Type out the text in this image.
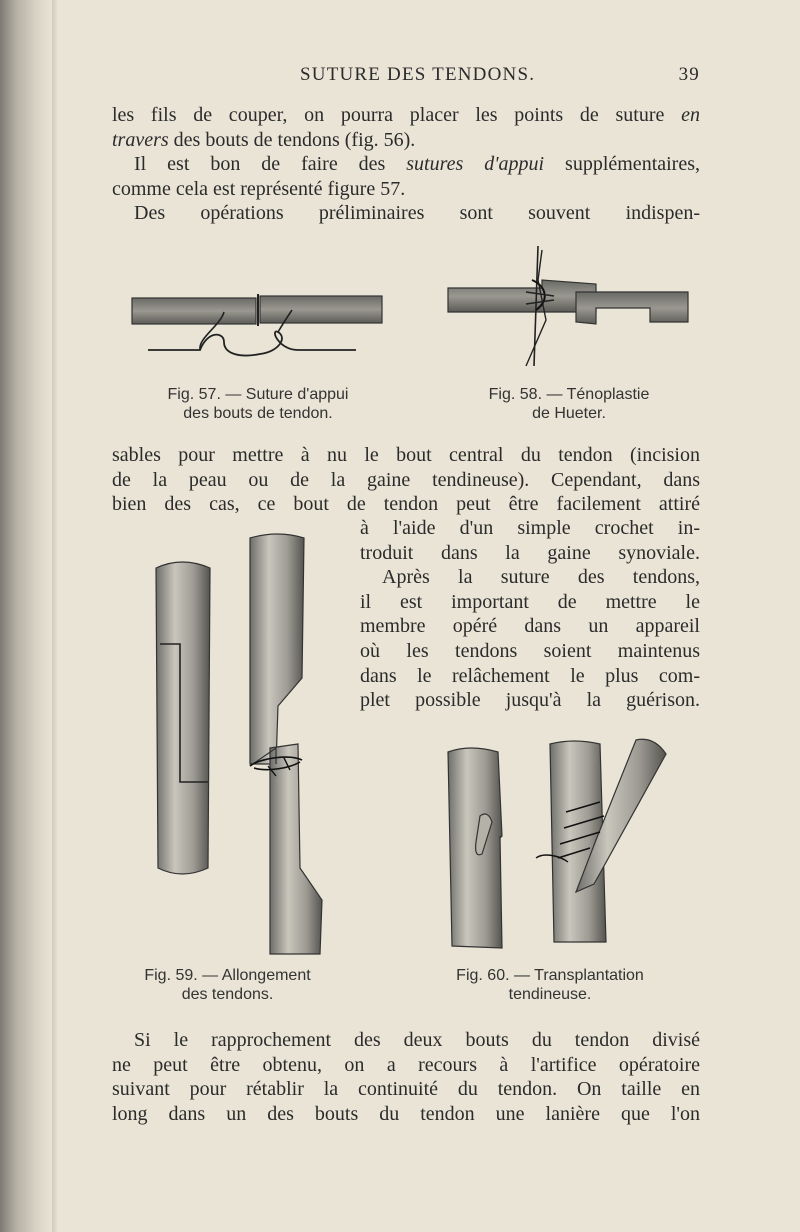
SUTURE DES TENDONS.	39
les fils de couper, on pourra placer les points de suture en
travers des bouts de tendons (fig. 56).
Il est bon de faire des sutures d'appui supplémentaires,
comme cela est représenté figure 57.
Des opérations préliminaires sont souvent indispen-
Fig. 57. — Suture d'appui
des bouts de tendon.
Fig. 58. — Ténoplastie
de Hueter.
sables pour mettre à nu le bout central du tendon (incision
de la peau ou de la gaine tendineuse). Cependant, dans
bien des cas, ce bout de tendon peut être facilement attiré
à l'aide d'un simple crochet in-
troduit dans la gaine synoviale.
Après la suture des tendons,
il est important de mettre le
membre opéré dans un appareil
où les tendons soient maintenus
dans le relâchement le plus com-
plet possible jusqu'à la guérison.
Fig. 59. — Allongement
des tendons.
Fig. 60. — Transplantation
tendineuse.
Si le rapprochement des deux bouts du tendon divisé
ne peut être obtenu, on a recours à l'artifice opératoire
suivant pour rétablir la continuité du tendon. On taille en
long dans un des bouts du tendon une lanière que l'on
